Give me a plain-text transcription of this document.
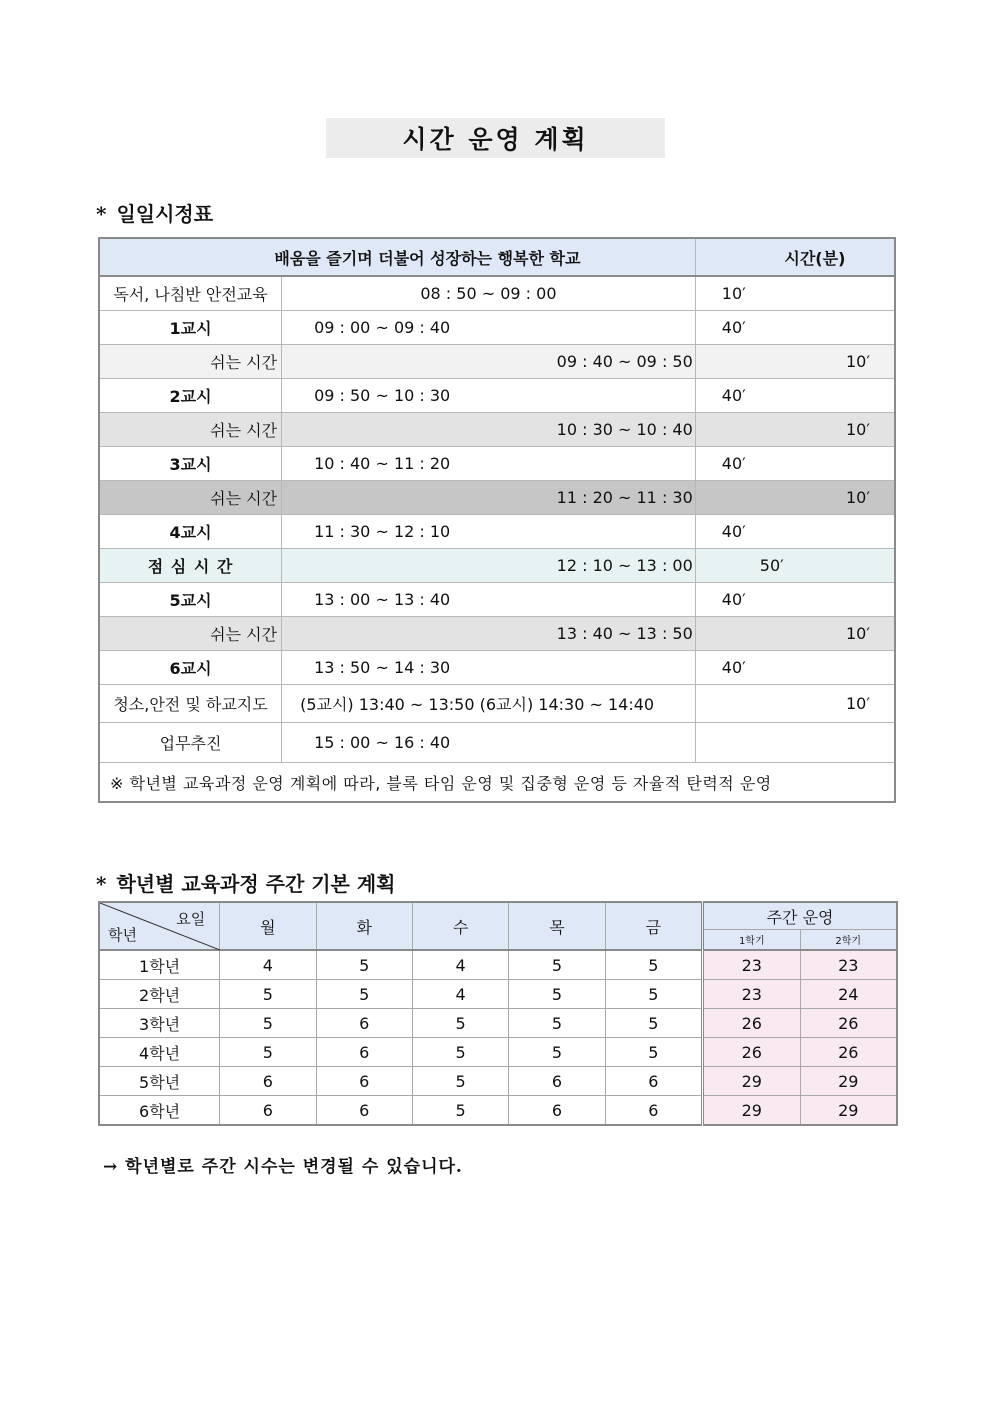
시간 운영 계획
* 일일시정표
배움을 즐기며 더불어 성장하는 행복한 학교		시간(분)
독서, 나침반 안전교육	08 : 50 ~ 09 : 00	10′
1교시	09 : 00 ~ 09 : 40	40′
쉬는 시간	09 : 40 ~ 09 : 50	10′
2교시	09 : 50 ~ 10 : 30	40′
쉬는 시간	10 : 30 ~ 10 : 40	10′
3교시	10 : 40 ~ 11 : 20	40′
쉬는 시간	11 : 20 ~ 11 : 30	10′
4교시	11 : 30 ~ 12 : 10	40′
점 심 시 간	12 : 10 ~ 13 : 00	50′
5교시	13 : 00 ~ 13 : 40	40′
쉬는 시간	13 : 40 ~ 13 : 50	10′
6교시	13 : 50 ~ 14 : 30	40′
청소,안전 및 하교지도	(5교시) 13:40 ~ 13:50 (6교시) 14:30 ~ 14:40	10′
업무추진	15 : 00 ~ 16 : 40	
※ 학년별 교육과정 운영 계획에 따라, 블록 타임 운영 및 집중형 운영 등 자율적 탄력적 운영		
* 학년별 교육과정 주간 기본 계획
요일
학년	월	화	수	목	금	주간 운영	
						1학기	2학기
1학년	4	5	4	5	5	23	23
2학년	5	5	4	5	5	23	24
3학년	5	6	5	5	5	26	26
4학년	5	6	5	5	5	26	26
5학년	6	6	5	6	6	29	29
6학년	6	6	5	6	6	29	29
→ 학년별로 주간 시수는 변경될 수 있습니다.
